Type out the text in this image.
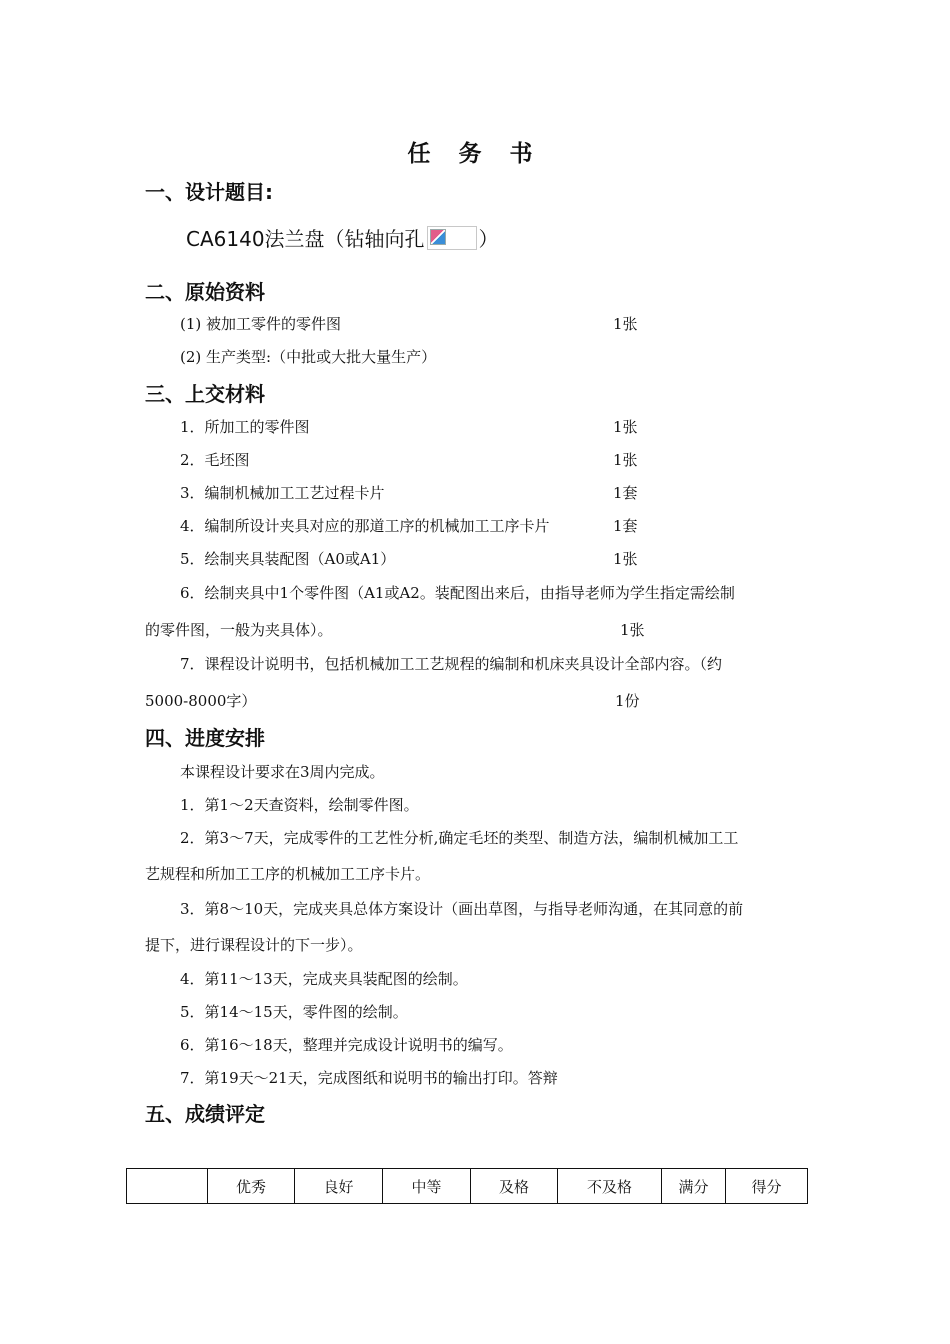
任 务 书
一、设计题目:
CA6140法兰盘（钻轴向孔	）
二、原始资料
(1) 被加工零件的零件图	1张
(2) 生产类型:（中批或大批大量生产）
三、上交材料
1．所加工的零件图	1张
2．毛坯图	1张
3．编制机械加工工艺过程卡片	1套
4．编制所设计夹具对应的那道工序的机械加工工序卡片	1套
5．绘制夹具装配图（A0或A1）	1张
6．绘制夹具中1个零件图（A1或A2。装配图出来后，由指导老师为学生指定需绘制
的零件图，一般为夹具体）。	1张
7．课程设计说明书，包括机械加工工艺规程的编制和机床夹具设计全部内容。（约
5000-8000字）	1份
四、进度安排
本课程设计要求在3周内完成。
1．第1～2天查资料，绘制零件图。
2．第3～7天，完成零件的工艺性分析,确定毛坯的类型、制造方法，编制机械加工工
艺规程和所加工工序的机械加工工序卡片。
3．第8～10天，完成夹具总体方案设计（画出草图，与指导老师沟通，在其同意的前
提下，进行课程设计的下一步）。
4．第11～13天，完成夹具装配图的绘制。
5．第14～15天，零件图的绘制。
6．第16～18天，整理并完成设计说明书的编写。
7．第19天～21天，完成图纸和说明书的输出打印。答辩
五、成绩评定
	优秀	良好	中等	及格	不及格	满分	得分
